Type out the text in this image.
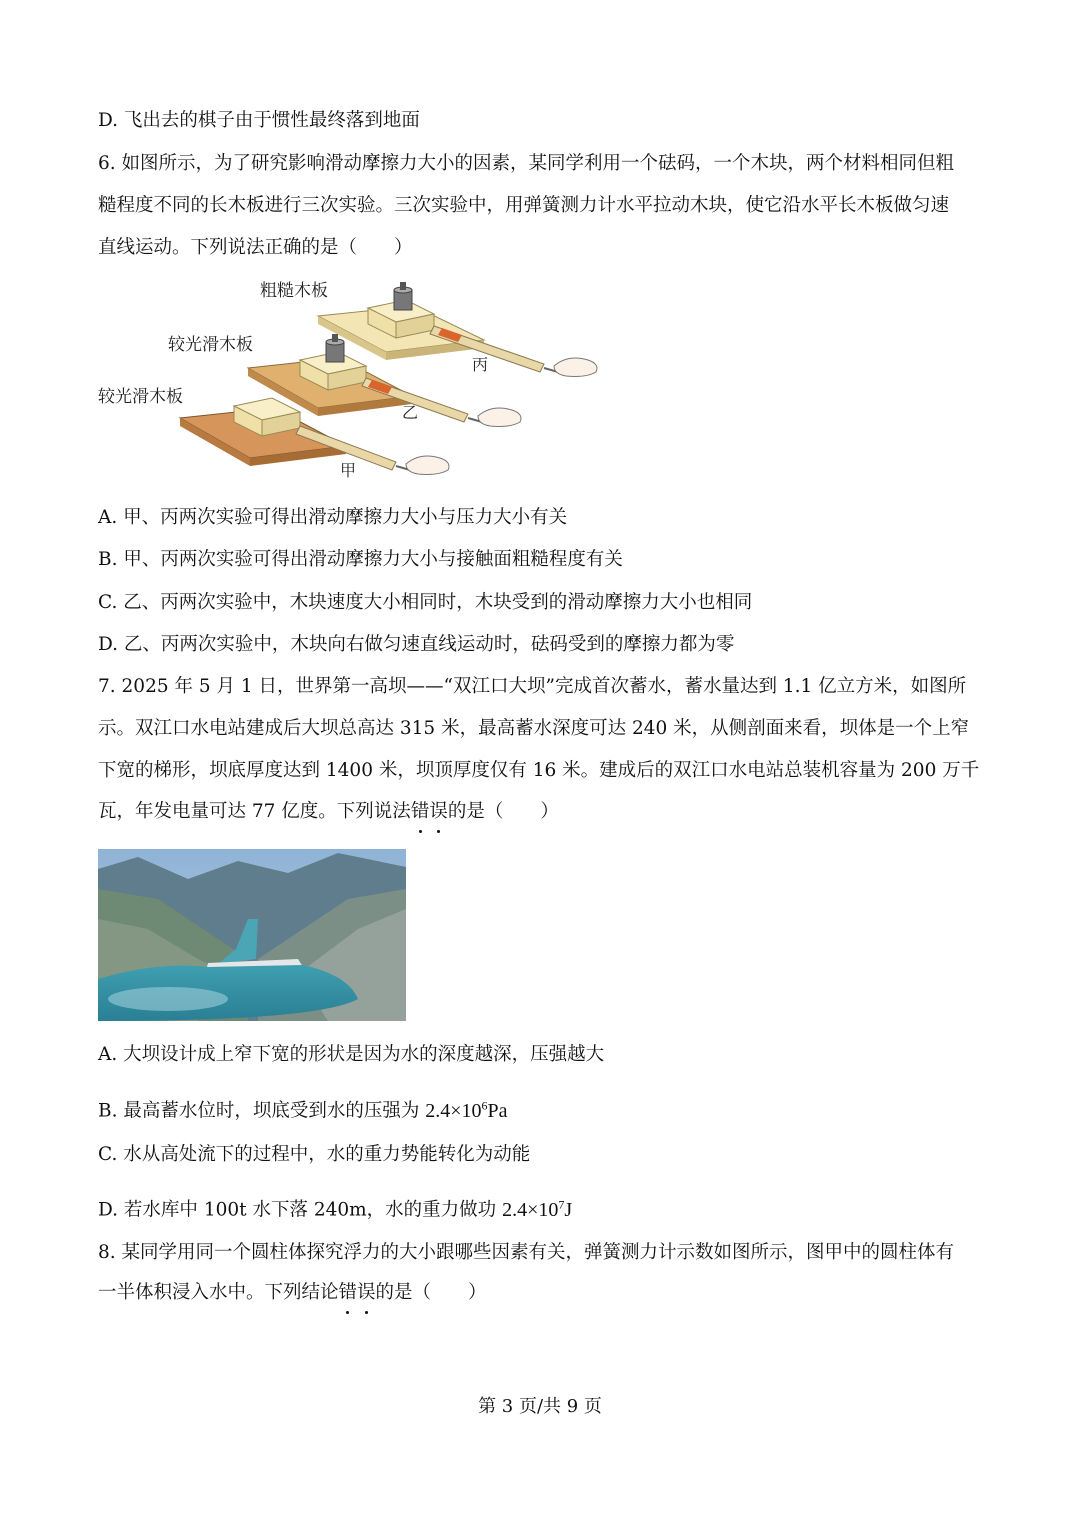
D. 飞出去的棋子由于惯性最终落到地面
6. 如图所示，为了研究影响滑动摩擦力大小的因素，某同学利用一个砝码，一个木块，两个材料相同但粗
糙程度不同的长木板进行三次实验。三次实验中，用弹簧测力计水平拉动木块，使它沿水平长木板做匀速
直线运动。下列说法正确的是（　　）
粗糙木板
较光滑木板
较光滑木板
丙
乙
甲
A. 甲、丙两次实验可得出滑动摩擦力大小与压力大小有关
B. 甲、丙两次实验可得出滑动摩擦力大小与接触面粗糙程度有关
C. 乙、丙两次实验中，木块速度大小相同时，木块受到的滑动摩擦力大小也相同
D. 乙、丙两次实验中，木块向右做匀速直线运动时，砝码受到的摩擦力都为零
7. 2025 年 5 月 1 日，世界第一高坝——“双江口大坝”完成首次蓄水，蓄水量达到 1.1 亿立方米，如图所
示。双江口水电站建成后大坝总高达 315 米，最高蓄水深度可达 240 米，从侧剖面来看，坝体是一个上窄
下宽的梯形，坝底厚度达到 1400 米，坝顶厚度仅有 16 米。建成后的双江口水电站总装机容量为 200 万千
瓦，年发电量可达 77 亿度。下列说法错误的是（　　）
A. 大坝设计成上窄下宽的形状是因为水的深度越深，压强越大
B. 最高蓄水位时，坝底受到水的压强为 $2.4\times 10^6Pa$
C. 水从高处流下的过程中，水的重力势能转化为动能
D. 若水库中 100t 水下落 240m，水的重力做功 $2.4\times 10^7J$
8. 某同学用同一个圆柱体探究浮力的大小跟哪些因素有关，弹簧测力计示数如图所示，图甲中的圆柱体有
一半体积浸入水中。下列结论错误的是（　　）
第 3 页/共 9 页
